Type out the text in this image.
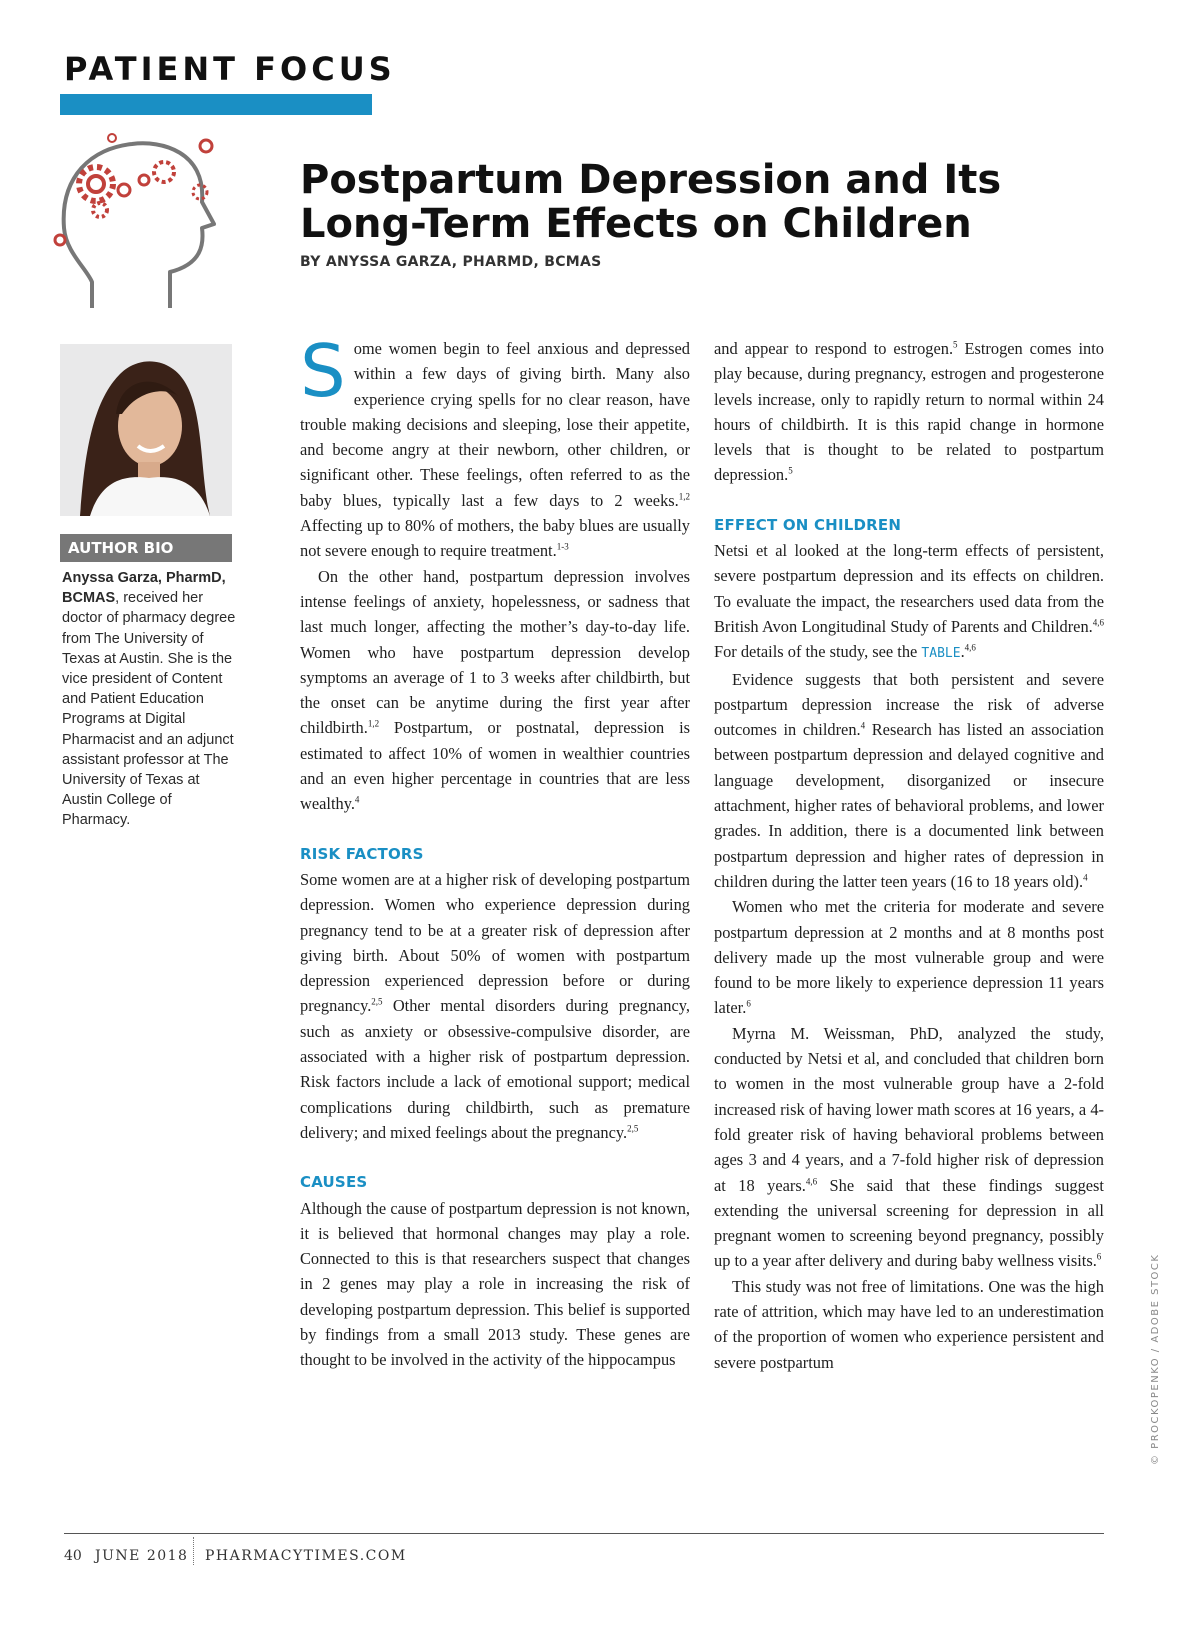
PATIENT FOCUS
Postpartum Depression and Its
Long-Term Effects on Children
BY ANYSSA GARZA, PHARMD, BCMAS
AUTHOR BIO

Anyssa Garza, PharmD, BCMAS, received her doctor of pharmacy degree from The University of Texas at Austin. She is the vice president of Content and Patient Education Programs at Digital Pharmacist and an adjunct assistant professor at The University of Texas at Austin College of Pharmacy.

Some women begin to feel anxious and depressed within a few days of giving birth. Many also experience crying spells for no clear reason, have trouble making decisions and sleeping, lose their appetite, and become angry at their newborn, other children, or significant other. These feelings, often referred to as the baby blues, typically last a few days to 2 weeks.$^{1,2}$ Affecting up to 80% of mothers, the baby blues are usually not severe enough to require treatment.$^{1-3}$

On the other hand, postpartum depression involves intense feelings of anxiety, hopelessness, or sadness that last much longer, affecting the mother’s day-to-day life. Women who have postpartum depression develop symptoms an average of 1 to 3 weeks after childbirth, but the onset can be anytime during the first year after childbirth.$^{1,2}$ Postpartum, or postnatal, depression is estimated to affect 10% of women in wealthier countries and an even higher percentage in countries that are less wealthy.$^4$

RISK FACTORS

Some women are at a higher risk of developing postpartum depression. Women who experience depression during pregnancy tend to be at a greater risk of depression after giving birth. About 50% of women with postpartum depression experienced depression before or during pregnancy.$^{2,5}$ Other mental disorders during pregnancy, such as anxiety or obsessive-compulsive disorder, are associated with a higher risk of postpartum depression. Risk factors include a lack of emotional support; medical complications during childbirth, such as premature delivery; and mixed feelings about the pregnancy.$^{2,5}$

CAUSES

Although the cause of postpartum depression is not known, it is believed that hormonal changes may play a role. Connected to this is that researchers suspect that changes in 2 genes may play a role in increasing the risk of developing postpartum depression. This belief is supported by findings from a small 2013 study. These genes are thought to be involved in the activity of the hippocampus

and appear to respond to estrogen.$^5$ Estrogen comes into play because, during pregnancy, estrogen and progesterone levels increase, only to rapidly return to normal within 24 hours of childbirth. It is this rapid change in hormone levels that is thought to be related to postpartum depression.$^5$

EFFECT ON CHILDREN

Netsi et al looked at the long-term effects of persistent, severe postpartum depression and its effects on children. To evaluate the impact, the researchers used data from the British Avon Longitudinal Study of Parents and Children.$^{4,6}$ For details of the study, see the TABLE.$^{4,6}$

Evidence suggests that both persistent and severe postpartum depression increase the risk of adverse outcomes in children.$^4$ Research has listed an association between postpartum depression and delayed cognitive and language development, disorganized or insecure attachment, higher rates of behavioral problems, and lower grades. In addition, there is a documented link between postpartum depression and higher rates of depression in children during the latter teen years (16 to 18 years old).$^4$

Women who met the criteria for moderate and severe postpartum depression at 2 months and at 8 months post delivery made up the most vulnerable group and were found to be more likely to experience depression 11 years later.$^6$

Myrna M. Weissman, PhD, analyzed the study, conducted by Netsi et al, and concluded that children born to women in the most vulnerable group have a 2-fold increased risk of having lower math scores at 16 years, a 4-fold greater risk of having behavioral problems between ages 3 and 4 years, and a 7-fold higher risk of depression at 18 years.$^{4,6}$ She said that these findings suggest extending the universal screening for depression in all pregnant women to screening beyond pregnancy, possibly up to a year after delivery and during baby wellness visits.$^6$

This study was not free of limitations. One was the high rate of attrition, which may have led to an underestimation of the proportion of women who experience persistent and severe postpartum	© PROCKOPENKO / ADOBE STOCK
40 JUNE 2018 PHARMACYTIMES.COM
